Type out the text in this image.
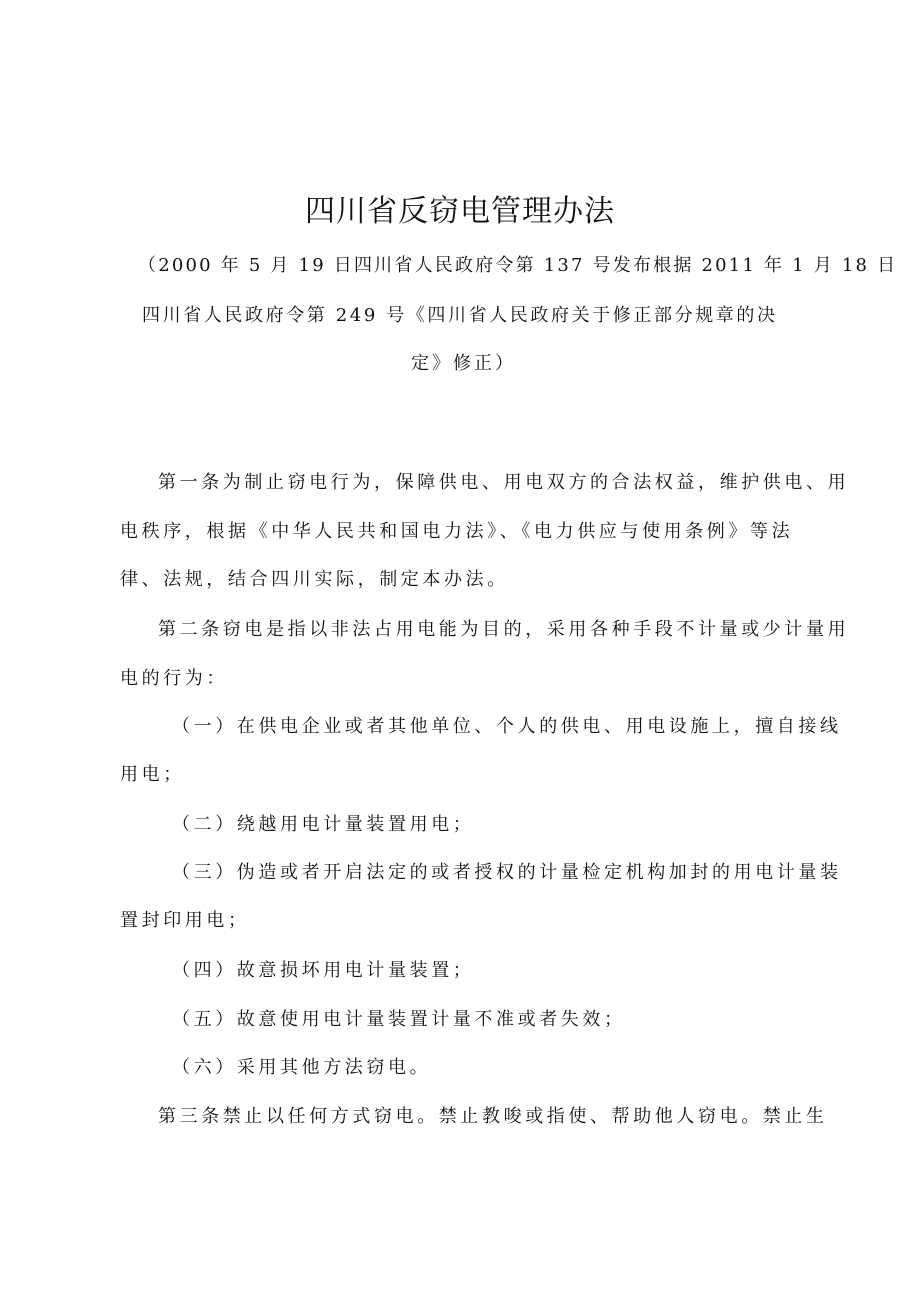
四川省反窃电管理办法
（2000 年 5 月 19 日四川省人民政府令第 137 号发布根据 2011 年 1 月 18 日
四川省人民政府令第 249 号《四川省人民政府关于修正部分规章的决
定》修正）
第一条为制止窃电行为，保障供电、用电双方的合法权益，维护供电、用
电秩序，根据《中华人民共和国电力法》、《电力供应与使用条例》等法
律、法规，结合四川实际，制定本办法。
第二条窃电是指以非法占用电能为目的，采用各种手段不计量或少计量用
电的行为：
（一）在供电企业或者其他单位、个人的供电、用电设施上，擅自接线
用电；
（二）绕越用电计量装置用电；
（三）伪造或者开启法定的或者授权的计量检定机构加封的用电计量装
置封印用电；
（四）故意损坏用电计量装置；
（五）故意使用电计量装置计量不准或者失效；
（六）采用其他方法窃电。
第三条禁止以任何方式窃电。禁止教唆或指使、帮助他人窃电。禁止生
